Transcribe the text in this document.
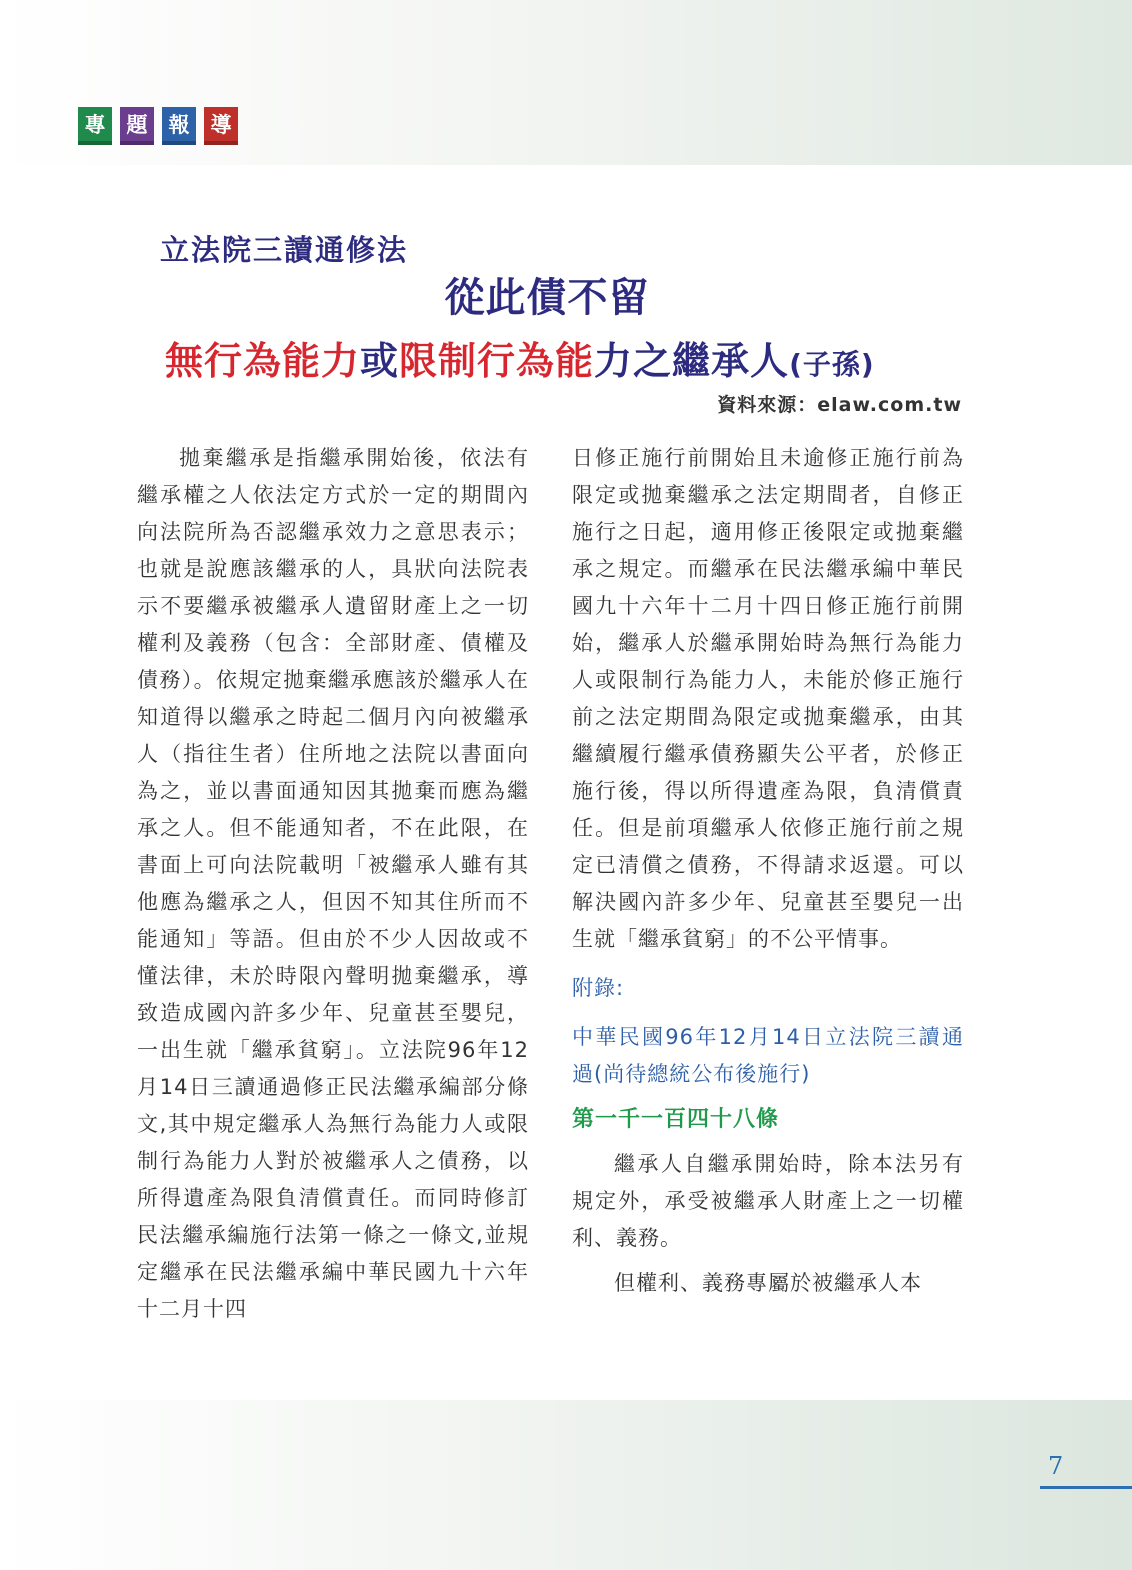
專	題	報	導
立法院三讀通修法
從此債不留
無行為能力或限制行為能力之繼承人(子孫)
資料來源：elaw.com.tw

拋棄繼承是指繼承開始後，依法有繼承權之人依法定方式於一定的期間內向法院所為否認繼承效力之意思表示；也就是說應該繼承的人，具狀向法院表示不要繼承被繼承人遺留財產上之一切權利及義務（包含：全部財產、債權及債務）。依規定拋棄繼承應該於繼承人在知道得以繼承之時起二個月內向被繼承人（指往生者）住所地之法院以書面向為之，並以書面通知因其拋棄而應為繼承之人。但不能通知者，不在此限，在書面上可向法院載明「被繼承人雖有其他應為繼承之人，但因不知其住所而不能通知」等語。但由於不少人因故或不懂法律，未於時限內聲明拋棄繼承，導致造成國內許多少年、兒童甚至嬰兒，一出生就「繼承貧窮」。立法院96年12月14日三讀通過修正民法繼承編部分條文,其中規定繼承人為無行為能力人或限制行為能力人對於被繼承人之債務，以所得遺產為限負清償責任。而同時修訂民法繼承編施行法第一條之一條文,並規定繼承在民法繼承編中華民國九十六年十二月十四

日修正施行前開始且未逾修正施行前為限定或拋棄繼承之法定期間者，自修正施行之日起，適用修正後限定或拋棄繼承之規定。而繼承在民法繼承編中華民國九十六年十二月十四日修正施行前開始，繼承人於繼承開始時為無行為能力人或限制行為能力人，未能於修正施行前之法定期間為限定或拋棄繼承，由其繼續履行繼承債務顯失公平者，於修正施行後，得以所得遺產為限，負清償責任。但是前項繼承人依修正施行前之規定已清償之債務，不得請求返還。可以解決國內許多少年、兒童甚至嬰兒一出生就「繼承貧窮」的不公平情事。

附錄:

中華民國96年12月14日立法院三讀通過(尚待總統公布後施行)

第一千一百四十八條

繼承人自繼承開始時，除本法另有規定外，承受被繼承人財產上之一切權利、義務。

但權利、義務專屬於被繼承人本

7
